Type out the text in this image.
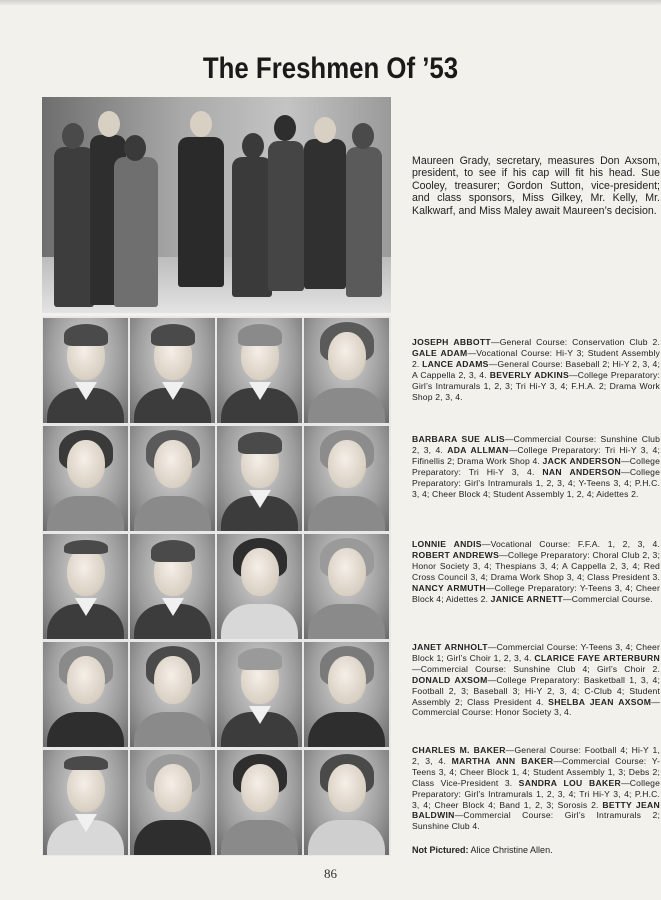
The Freshmen Of ’53
Maureen Grady, secretary, measures Don Axsom, president, to see if his cap will fit his head. Sue Cooley, treasurer; Gordon Sutton, vice-president; and class sponsors, Miss Gilkey, Mr. Kelly, Mr. Kalkwarf, and Miss Maley await Maureen’s decision.
JOSEPH ABBOTT—General Course: Conservation Club 2. GALE ADAM—Vocational Course: Hi-Y 3; Student Assembly 2. LANCE ADAMS—General Course: Baseball 2; Hi-Y 2, 3, 4; A Cappella 2, 3, 4. BEVERLY ADKINS—College Preparatory: Girl’s Intramurals 1, 2, 3; Tri Hi-Y 3, 4; F.H.A. 2; Drama Work Shop 2, 3, 4.
BARBARA SUE ALIS—Commercial Course: Sunshine Club 2, 3, 4. ADA ALLMAN—College Preparatory: Tri Hi-Y 3, 4; Fifinellis 2; Drama Work Shop 4. JACK ANDERSON—College Preparatory: Tri Hi-Y 3, 4. NAN ANDERSON—College Preparatory: Girl’s Intramurals 1, 2, 3, 4; Y-Teens 3, 4; P.H.C. 3, 4; Cheer Block 4; Student Assembly 1, 2, 4; Aidettes 2.
LONNIE ANDIS—Vocational Course: F.F.A. 1, 2, 3, 4. ROBERT ANDREWS—College Preparatory: Choral Club 2, 3; Honor Society 3, 4; Thespians 3, 4; A Cappella 2, 3, 4; Red Cross Council 3, 4; Drama Work Shop 3, 4; Class President 3. NANCY ARMUTH—College Preparatory: Y-Teens 3, 4; Cheer Block 4; Aidettes 2. JANICE ARNETT—Commercial Course.
JANET ARNHOLT—Commercial Course: Y-Teens 3, 4; Cheer Block 1; Girl’s Choir 1, 2, 3, 4. CLARICE FAYE ARTERBURN—Commercial Course: Sunshine Club 4; Girl’s Choir 2. DONALD AXSOM—College Preparatory: Basketball 1, 3, 4; Football 2, 3; Baseball 3; Hi-Y 2, 3, 4; C-Club 4; Student Assembly 2; Class President 4. SHELBA JEAN AXSOM—Commercial Course: Honor Society 3, 4.
CHARLES M. BAKER—General Course: Football 4; Hi-Y 1, 2, 3, 4. MARTHA ANN BAKER—Commercial Course: Y-Teens 3, 4; Cheer Block 1, 4; Student Assembly 1, 3; Debs 2; Class Vice-President 3. SANDRA LOU BAKER—College Preparatory: Girl’s Intramurals 1, 2, 3, 4; Tri Hi-Y 3, 4; P.H.C. 3, 4; Cheer Block 4; Band 1, 2, 3; Sorosis 2. BETTY JEAN BALDWIN—Commercial Course: Girl’s Intramurals 2; Sunshine Club 4.
Not Pictured: Alice Christine Allen.
86
